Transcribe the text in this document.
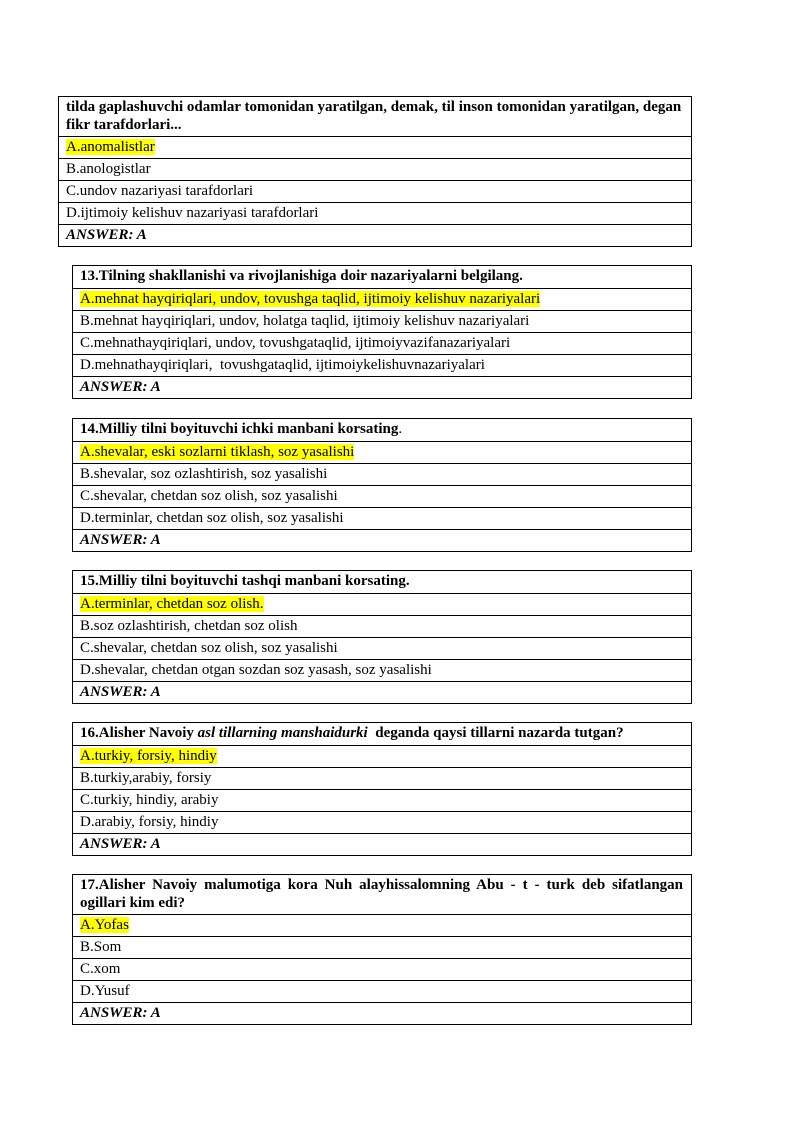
tilda gaplashuvchi odamlar tomonidan yaratilgan, demak, til inson tomonidan yaratilgan, degan fikr tarafdorlari...
A.anomalistlar
B.anologistlar
C.undov nazariyasi tarafdorlari
D.ijtimoiy kelishuv nazariyasi tarafdorlari
ANSWER: A
13.Tilning shakllanishi va rivojlanishiga doir nazariyalarni belgilang.
A.mehnat hayqiriqlari, undov, tovushga taqlid, ijtimoiy kelishuv nazariyalari
B.mehnat hayqiriqlari, undov, holatga taqlid, ijtimoiy kelishuv nazariyalari
C.mehnathayqiriqlari, undov, tovushgataqlid, ijtimoiyvazifanazariyalari
D.mehnathayqiriqlari,  tovushgataqlid, ijtimoiykelishuvnazariyalari
ANSWER: A
14.Milliy tilni boyituvchi ichki manbani korsating.
A.shevalar, eski sozlarni tiklash, soz yasalishi
B.shevalar, soz ozlashtirish, soz yasalishi
C.shevalar, chetdan soz olish, soz yasalishi
D.terminlar, chetdan soz olish, soz yasalishi
ANSWER: A
15.Milliy tilni boyituvchi tashqi manbani korsating.
A.terminlar, chetdan soz olish.
B.soz ozlashtirish, chetdan soz olish
C.shevalar, chetdan soz olish, soz yasalishi
D.shevalar, chetdan otgan sozdan soz yasash, soz yasalishi
ANSWER: A
16.Alisher Navoiy asl tillarning manshaidurki  deganda qaysi tillarni nazarda tutgan?
A.turkiy, forsiy, hindiy
B.turkiy,arabiy, forsiy
C.turkiy, hindiy, arabiy
D.arabiy, forsiy, hindiy
ANSWER: A
17.Alisher Navoiy malumotiga kora Nuh alayhissalomning Abu - t - turk deb sifatlangan ogillari kim edi?
A.Yofas
B.Som
C.xom
D.Yusuf
ANSWER: A
